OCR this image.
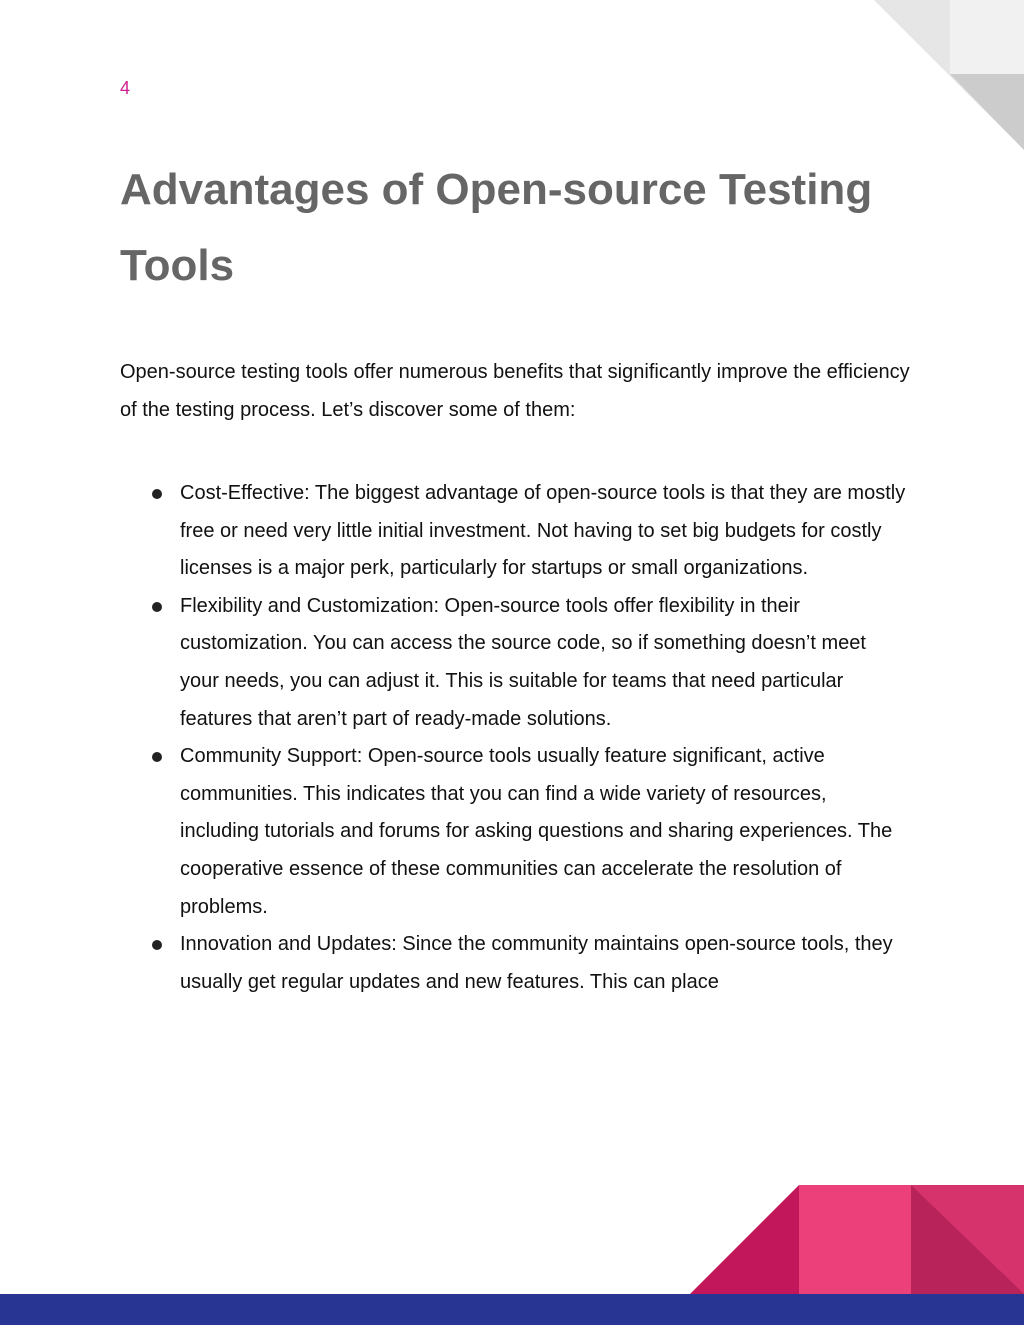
4
Advantages of Open-source Testing Tools

Open-source testing tools offer numerous benefits that significantly improve the efficiency of the testing process. Let’s discover some of them:

Cost-Effective: The biggest advantage of open-source tools is that they are mostly free or need very little initial investment. Not having to set big budgets for costly licenses is a major perk, particularly for startups or small organizations.
Flexibility and Customization: Open-source tools offer flexibility in their customization. You can access the source code, so if something doesn’t meet your needs, you can adjust it. This is suitable for teams that need particular features that aren’t part of ready-made solutions.
Community Support: Open-source tools usually feature significant, active communities. This indicates that you can find a wide variety of resources, including tutorials and forums for asking questions and sharing experiences. The cooperative essence of these communities can accelerate the resolution of problems.
Innovation and Updates: Since the community maintains open-source tools, they usually get regular updates and new features. This can place
